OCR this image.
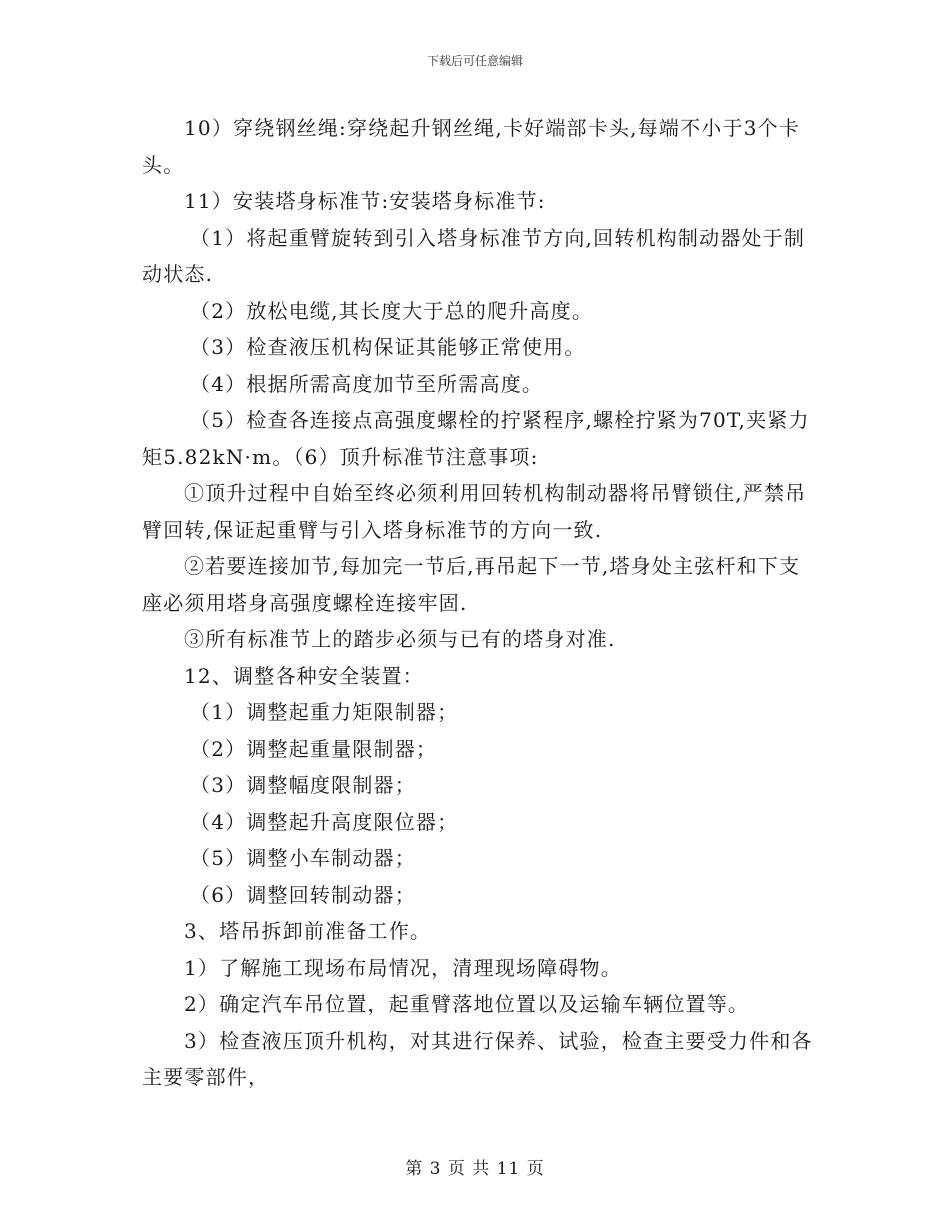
下载后可任意编辑

10）穿绕钢丝绳:穿绕起升钢丝绳,卡好端部卡头,每端不小于3个卡头。

11）安装塔身标准节:安装塔身标准节:

（1）将起重臂旋转到引入塔身标准节方向,回转机构制动器处于制动状态.

（2）放松电缆,其长度大于总的爬升高度。

（3）检查液压机构保证其能够正常使用。

（4）根据所需高度加节至所需高度。

（5）检查各连接点高强度螺栓的拧紧程序,螺栓拧紧为70T,夹紧力矩5.82kN·m。（6）顶升标准节注意事项:

①顶升过程中自始至终必须利用回转机构制动器将吊臂锁住,严禁吊臂回转,保证起重臂与引入塔身标准节的方向一致.

②若要连接加节,每加完一节后,再吊起下一节,塔身处主弦杆和下支座必须用塔身高强度螺栓连接牢固.

③所有标准节上的踏步必须与已有的塔身对准.

12、调整各种安全装置：

（1）调整起重力矩限制器；

（2）调整起重量限制器；

（3）调整幅度限制器；

（4）调整起升高度限位器；

（5）调整小车制动器；

（6）调整回转制动器；

3、塔吊拆卸前准备工作。

1）了解施工现场布局情况，清理现场障碍物。

2）确定汽车吊位置，起重臂落地位置以及运输车辆位置等。

3）检查液压顶升机构，对其进行保养、试验，检查主要受力件和各主要零部件，

第 3 页 共 11 页
